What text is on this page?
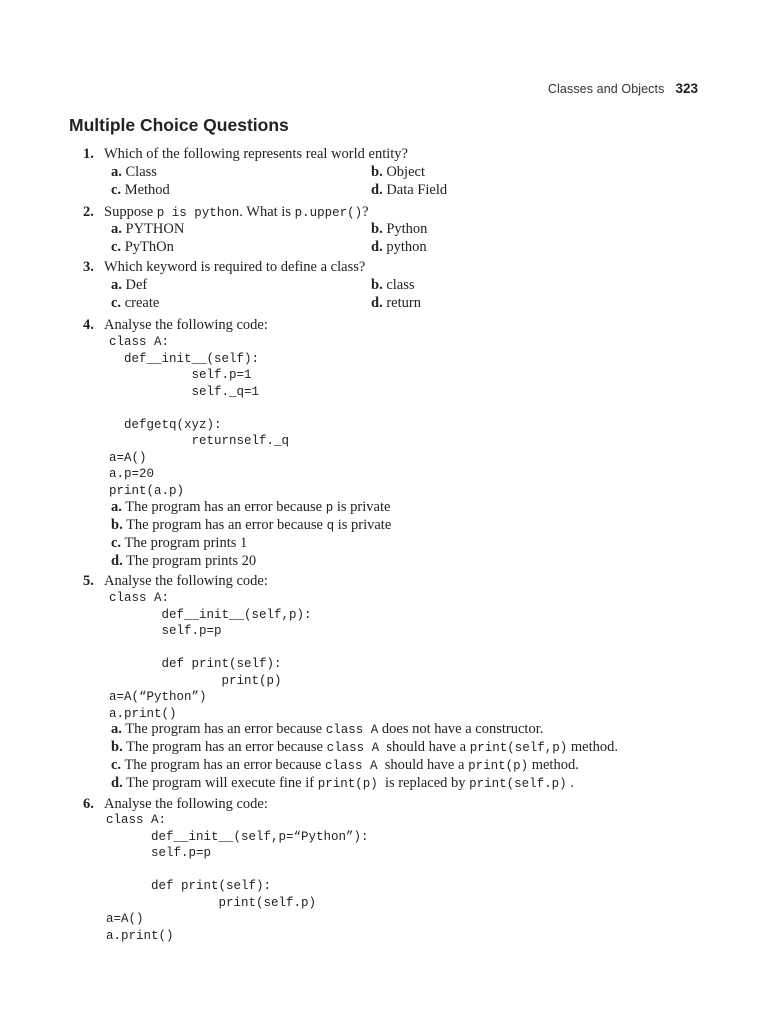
Classes and Objects 323
Multiple Choice Questions
1. Which of the following represents real world entity?
a. Class	b. Object
c. Method	d. Data Field
2. Suppose p is python. What is p.upper()?
a. PYTHON	b. Python
c. PyThOn	d. python
3. Which keyword is required to define a class?
a. Def	b. class
c. create	d. return
4. Analyse the following code:
class A:
def__init__(self):
self.p=1
self._q=1

defgetq(xyz):
returnself._q
a=A()
a.p=20
print(a.p)
a. The program has an error because p is private
b. The program has an error because q is private
c. The program prints 1
d. The program prints 20
5. Analyse the following code:
class A:
def__init__(self,p):
self.p=p

def print(self):
print(p)
a=A(“Python”)
a.print()
a. The program has an error because class A does not have a constructor.
b. The program has an error because class A  should have a print(self,p) method.
c. The program has an error because class A  should have a print(p) method.
d. The program will execute fine if print(p)  is replaced by print(self.p) .
6. Analyse the following code:
class A:
def__init__(self,p=“Python”):
self.p=p

def print(self):
print(self.p)
a=A()
a.print()
